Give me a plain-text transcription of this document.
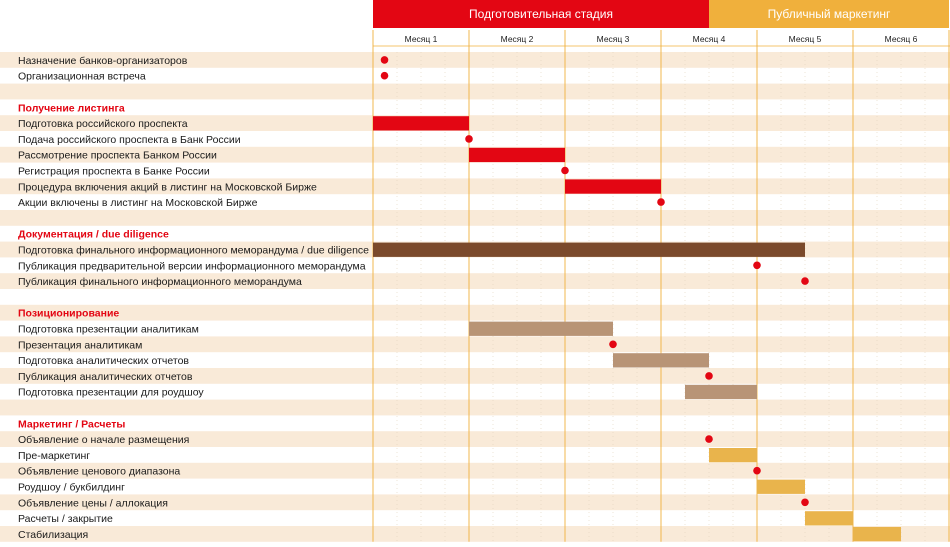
Подготовительная стадия	Публичный маркетинг
Месяц 1	Месяц 2	Месяц 3	Месяц 4	Месяц 5	Месяц 6
Назначение банков-организаторов
Организационная встреча
Получение листинга
Подготовка российского проспекта
Подача российского проспекта в Банк России
Рассмотрение проспекта Банком России
Регистрация проспекта в Банке России
Процедура включения акций в листинг на Московской Бирже
Акции включены в листинг на Московской Бирже
Документация / due diligence
Подготовка финального информационного меморандума / due diligence
Публикация предварительной версии информационного меморандума
Публикация финального информационного меморандума
Позиционирование
Подготовка презентации аналитикам
Презентация аналитикам
Подготовка аналитических отчетов
Публикация аналитических отчетов
Подготовка презентации для роудшоу
Маркетинг / Расчеты
Объявление о начале размещения
Пре-маркетинг
Объявление ценового диапазона
Роудшоу / букбилдинг
Объявление цены / аллокация
Расчеты / закрытие
Стабилизация
